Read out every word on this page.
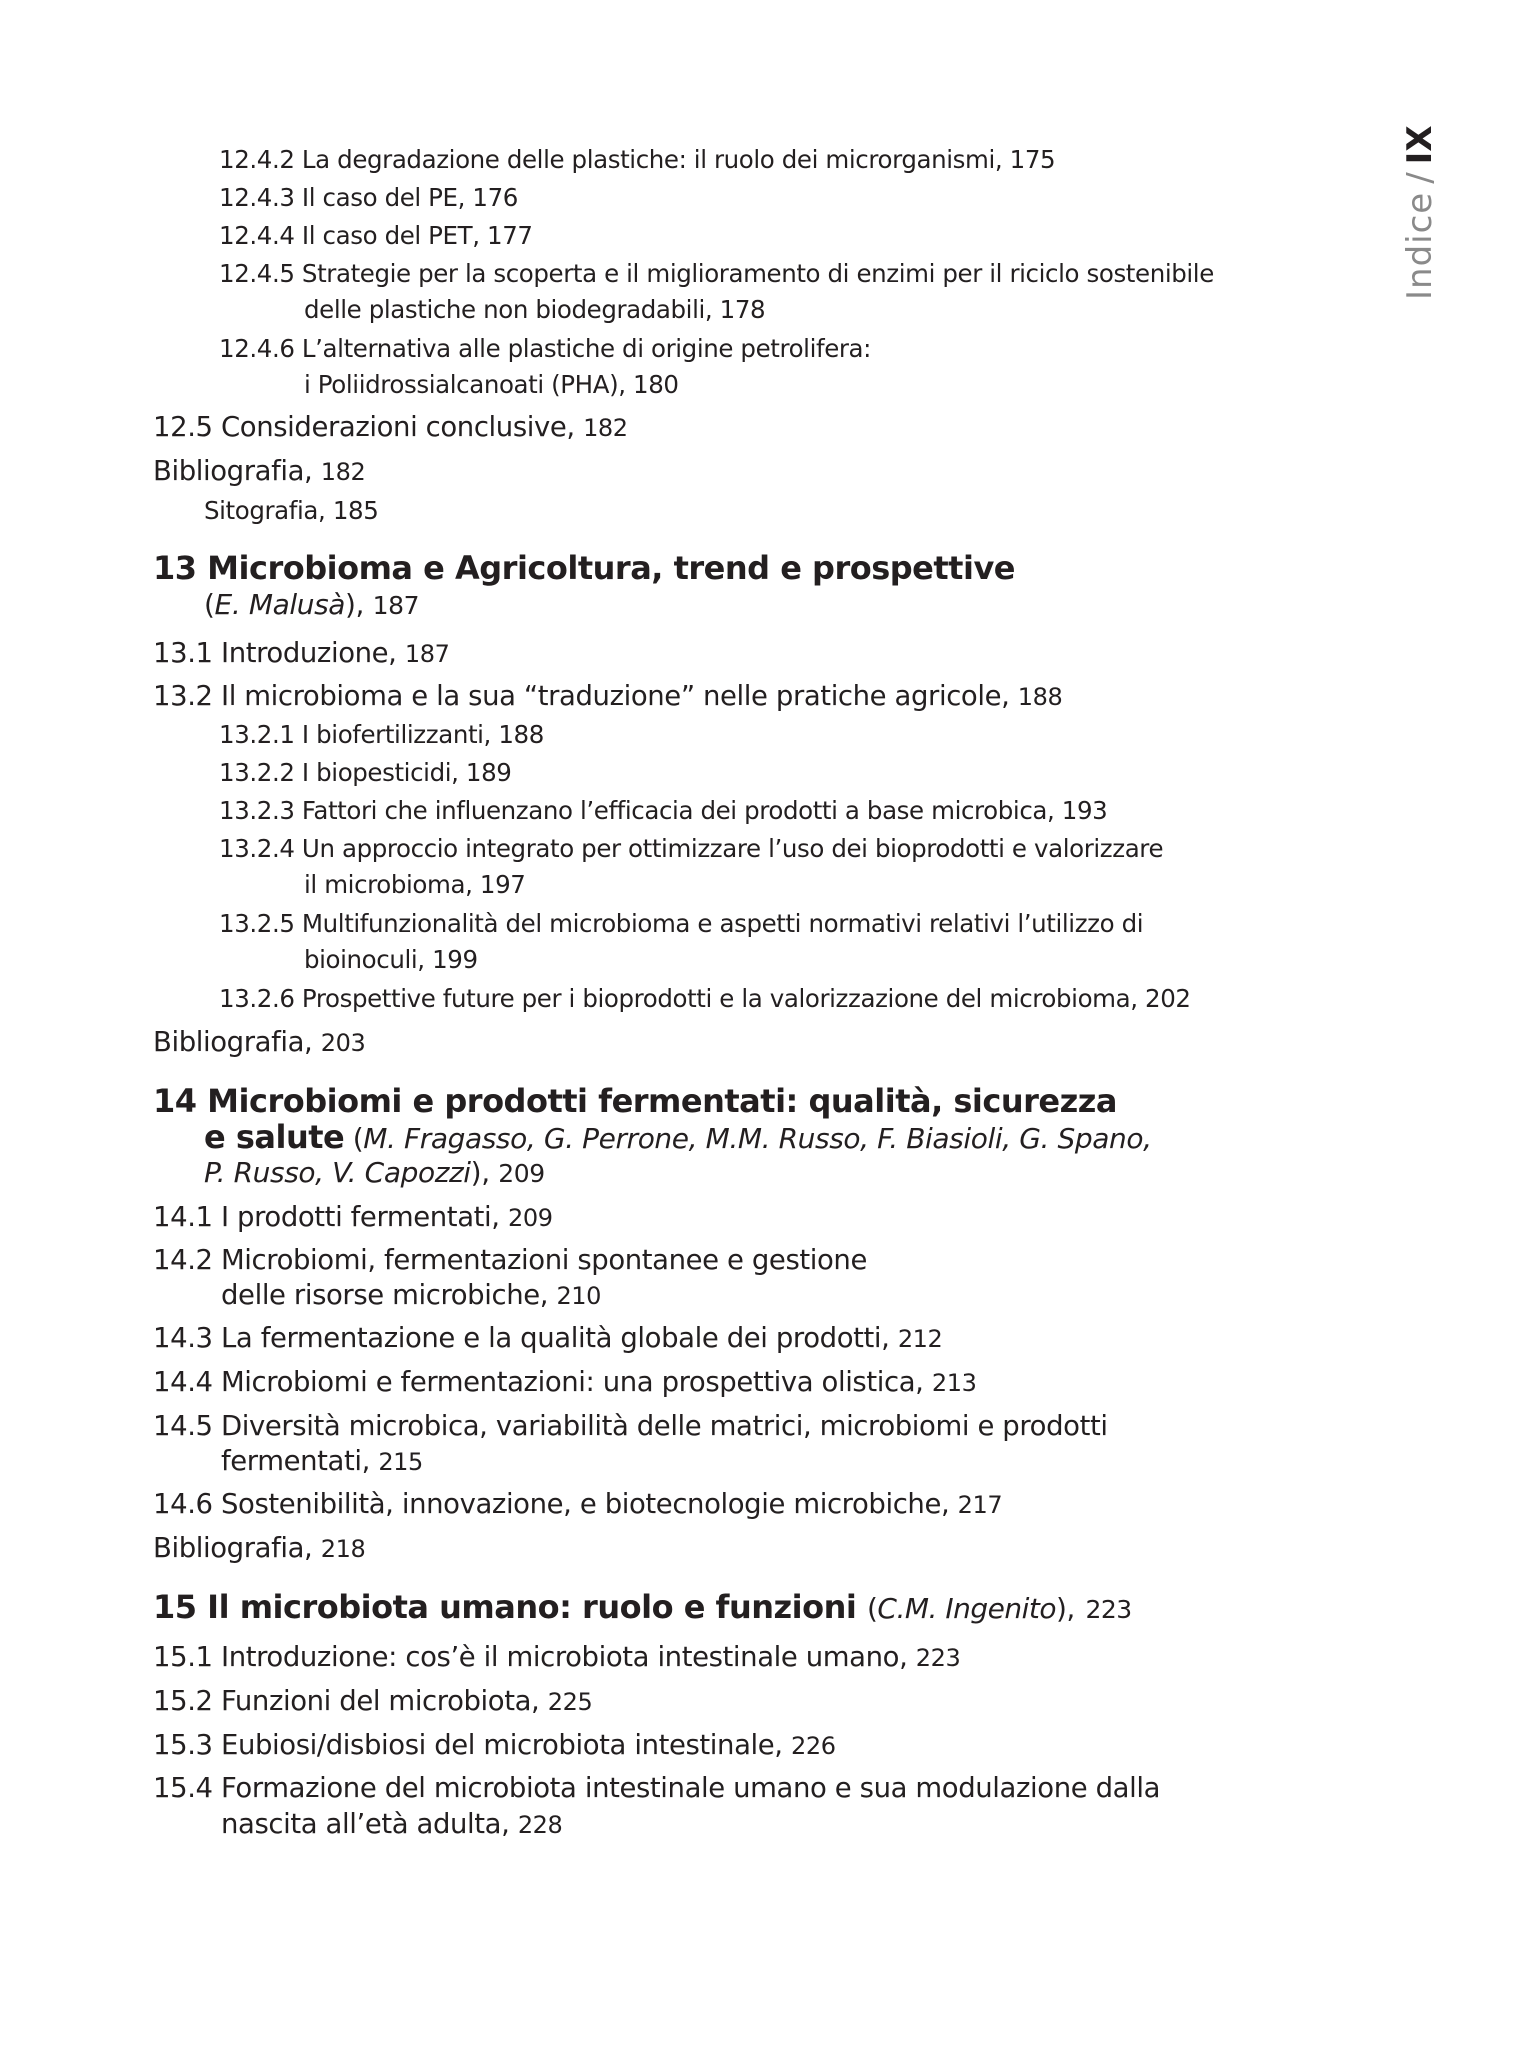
Indice/IX
12.4.2 La degradazione delle plastiche: il ruolo dei microrganismi, 175
12.4.3 Il caso del PE, 176
12.4.4 Il caso del PET, 177
12.4.5 Strategie per la scoperta e il miglioramento di enzimi per il riciclo sostenibile
delle plastiche non biodegradabili, 178
12.4.6 L’alternativa alle plastiche di origine petrolifera:
i Poliidrossialcanoati (PHA), 180
12.5 Considerazioni conclusive, 182
Bibliografia, 182
Sitografia, 185
13 Microbioma e Agricoltura, trend e prospettive
(E. Malusà), 187
13.1 Introduzione, 187
13.2 Il microbioma e la sua “traduzione” nelle pratiche agricole, 188
13.2.1 I biofertilizzanti, 188
13.2.2 I biopesticidi, 189
13.2.3 Fattori che influenzano l’efficacia dei prodotti a base microbica, 193
13.2.4 Un approccio integrato per ottimizzare l’uso dei bioprodotti e valorizzare
il microbioma, 197
13.2.5 Multifunzionalità del microbioma e aspetti normativi relativi l’utilizzo di
bioinoculi, 199
13.2.6 Prospettive future per i bioprodotti e la valorizzazione del microbioma, 202
Bibliografia, 203
14 Microbiomi e prodotti fermentati: qualità, sicurezza
e salute (M. Fragasso, G. Perrone, M.M. Russo, F. Biasioli, G. Spano,
P. Russo, V. Capozzi), 209
14.1 I prodotti fermentati, 209
14.2 Microbiomi, fermentazioni spontanee e gestione
delle risorse microbiche, 210
14.3 La fermentazione e la qualità globale dei prodotti, 212
14.4 Microbiomi e fermentazioni: una prospettiva olistica, 213
14.5 Diversità microbica, variabilità delle matrici, microbiomi e prodotti
fermentati, 215
14.6 Sostenibilità, innovazione, e biotecnologie microbiche, 217
Bibliografia, 218
15 Il microbiota umano: ruolo e funzioni (C.M. Ingenito), 223
15.1 Introduzione: cos’è il microbiota intestinale umano, 223
15.2 Funzioni del microbiota, 225
15.3 Eubiosi/disbiosi del microbiota intestinale, 226
15.4 Formazione del microbiota intestinale umano e sua modulazione dalla
nascita all’età adulta, 228
